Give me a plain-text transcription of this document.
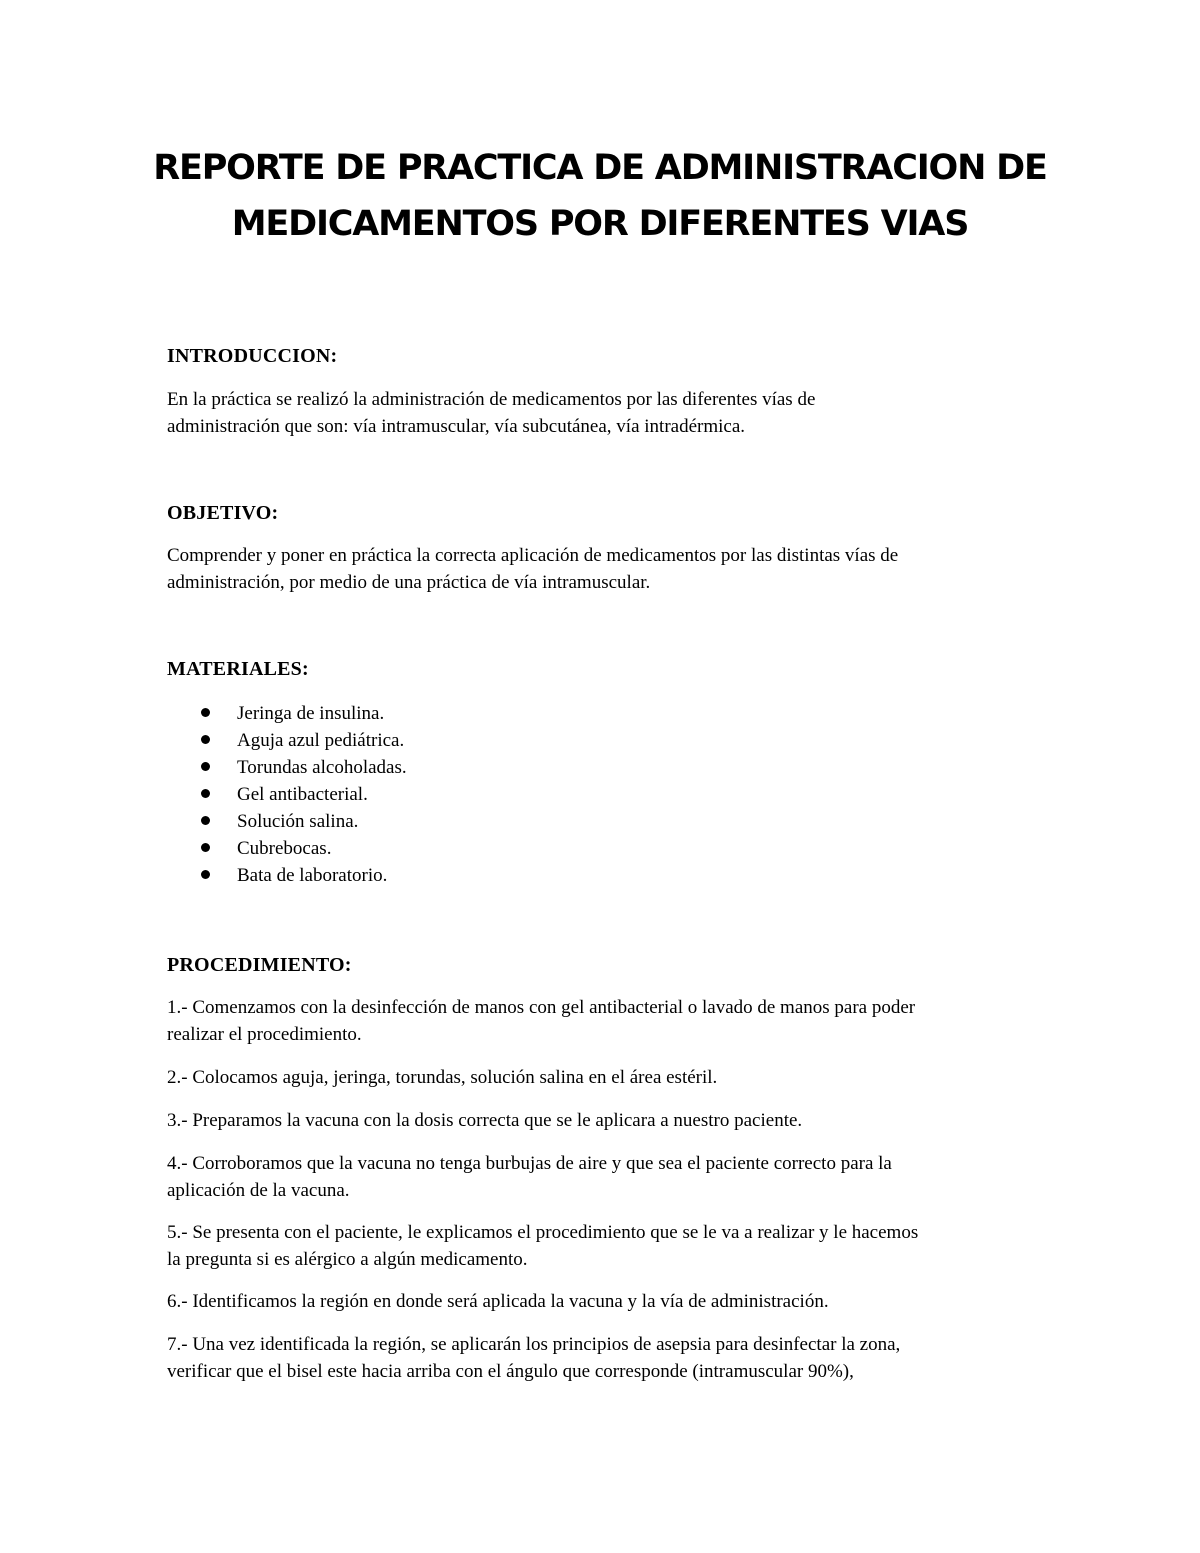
REPORTE DE PRACTICA DE ADMINISTRACION DE
MEDICAMENTOS POR DIFERENTES VIAS
INTRODUCCION:

En la práctica se realizó la administración de medicamentos por las diferentes vías de
administración que son: vía intramuscular, vía subcutánea, vía intradérmica.

OBJETIVO:

Comprender y poner en práctica la correcta aplicación de medicamentos por las distintas vías de
administración, por medio de una práctica de vía intramuscular.

MATERIALES:
Jeringa de insulina.
Aguja azul pediátrica.
Torundas alcoholadas.
Gel antibacterial.
Solución salina.
Cubrebocas.
Bata de laboratorio.
PROCEDIMIENTO:

1.- Comenzamos con la desinfección de manos con gel antibacterial o lavado de manos para poder
realizar el procedimiento.

2.- Colocamos aguja, jeringa, torundas, solución salina en el área estéril.

3.- Preparamos la vacuna con la dosis correcta que se le aplicara a nuestro paciente.

4.- Corroboramos que la vacuna no tenga burbujas de aire y que sea el paciente correcto para la
aplicación de la vacuna.

5.- Se presenta con el paciente, le explicamos el procedimiento que se le va a realizar y le hacemos
la pregunta si es alérgico a algún medicamento.

6.- Identificamos la región en donde será aplicada la vacuna y la vía de administración.

7.- Una vez identificada la región, se aplicarán los principios de asepsia para desinfectar la zona,
verificar que el bisel este hacia arriba con el ángulo que corresponde (intramuscular 90%),
